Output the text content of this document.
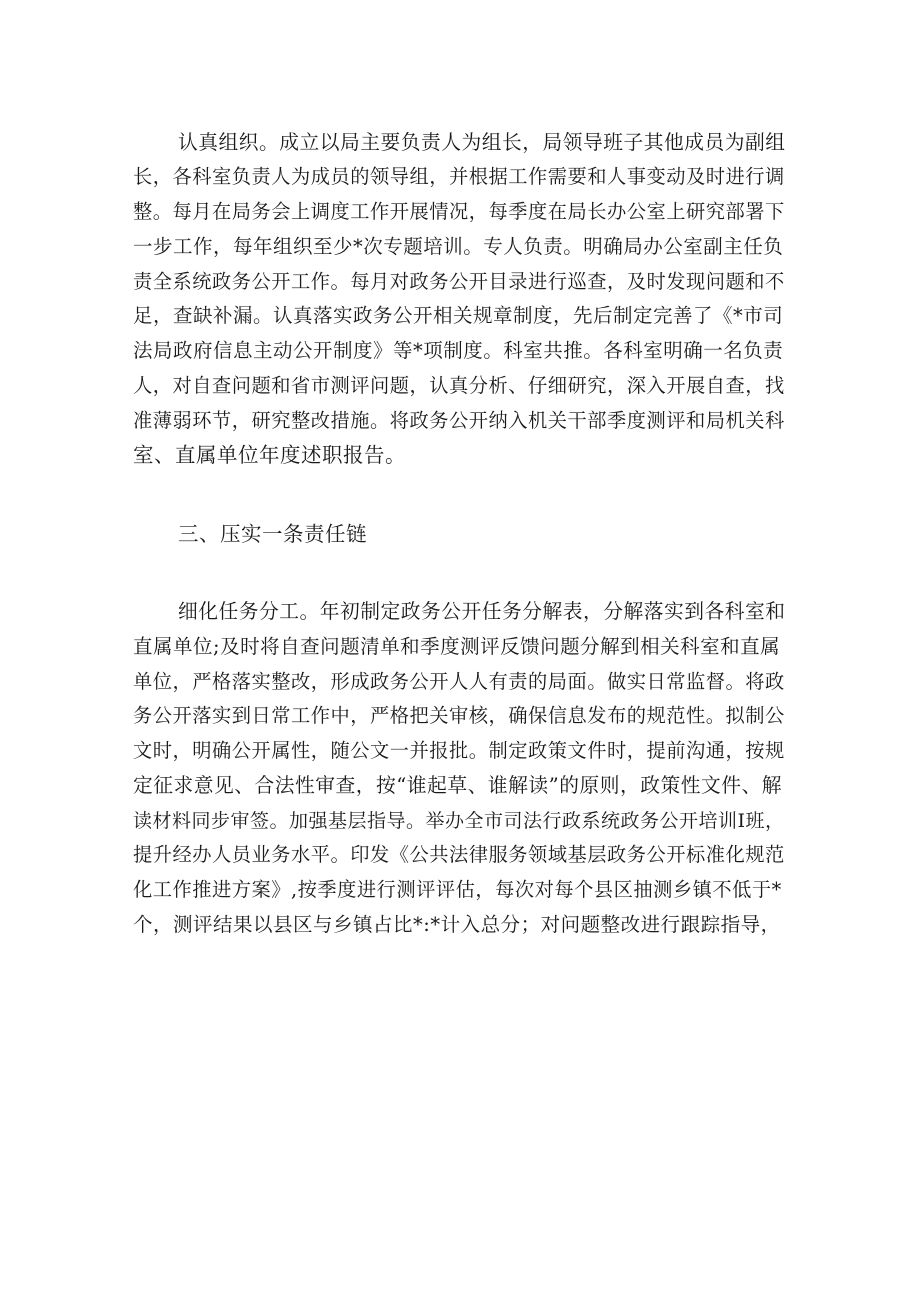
认真组织。成立以局主要负责人为组长，局领导班子其他成员为副组
长，各科室负责人为成员的领导组，并根据工作需要和人事变动及时进行调
整。每月在局务会上调度工作开展情况，每季度在局长办公室上研究部署下
一步工作，每年组织至少*次专题培训。专人负责。明确局办公室副主任负
责全系统政务公开工作。每月对政务公开目录进行巡查，及时发现问题和不
足，查缺补漏。认真落实政务公开相关规章制度，先后制定完善了《*市司
法局政府信息主动公开制度》等*项制度。科室共推。各科室明确一名负责
人，对自查问题和省市测评问题，认真分析、仔细研究，深入开展自查，找
准薄弱环节，研究整改措施。将政务公开纳入机关干部季度测评和局机关科
室、直属单位年度述职报告。
三、压实一条责任链
细化任务分工。年初制定政务公开任务分解表，分解落实到各科室和
直属单位;及时将自查问题清单和季度测评反馈问题分解到相关科室和直属
单位，严格落实整改，形成政务公开人人有责的局面。做实日常监督。将政
务公开落实到日常工作中，严格把关审核，确保信息发布的规范性。拟制公
文时，明确公开属性，随公文一并报批。制定政策文件时，提前沟通，按规
定征求意见、合法性审查，按“谁起草、谁解读”的原则，政策性文件、解
读材料同步审签。加强基层指导。举办全市司法行政系统政务公开培训Ⅰ班，
提升经办人员业务水平。印发《公共法律服务领域基层政务公开标准化规范
化工作推进方案》,按季度进行测评评估，每次对每个县区抽测乡镇不低于*
个，测评结果以县区与乡镇占比*:*计入总分；对问题整改进行跟踪指导，
